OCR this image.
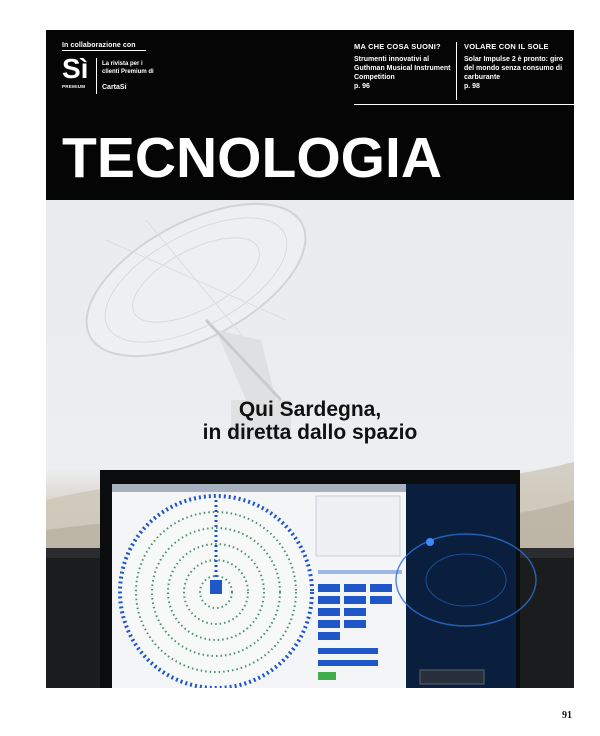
In collaborazione con
Sì
PREMIUM
La rivista per i clienti Premium di
CartaSi
MA CHE COSA SUONI?
Strumenti innovativi al Guthman Musical Instrument Competition
p. 96
VOLARE CON IL SOLE
Solar Impulse 2 è pronto: giro del mondo senza consumo di carburante
p. 98
TECNOLOGIA
Qui Sardegna,
in diretta dallo spazio
91
